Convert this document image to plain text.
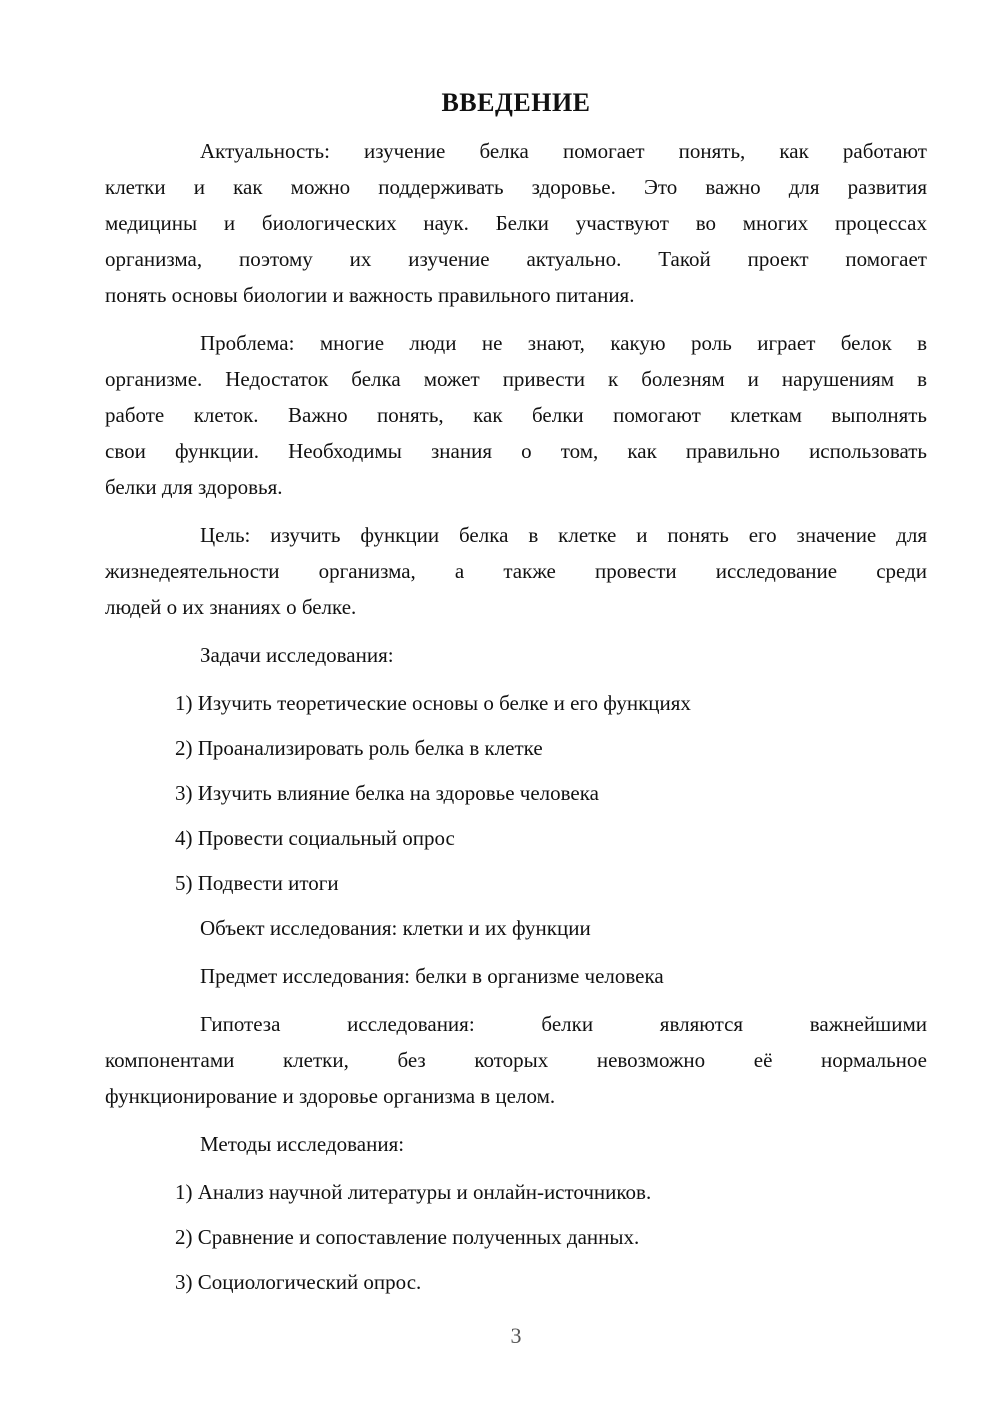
ВВЕДЕНИЕ
Актуальность: изучение белка помогает понять, как работают
клетки и как можно поддерживать здоровье. Это важно для развития
медицины и биологических наук. Белки участвуют во многих процессах
организма, поэтому их изучение актуально. Такой проект помогает
понять основы биологии и важность правильного питания.
Проблема: многие люди не знают, какую роль играет белок в
организме. Недостаток белка может привести к болезням и нарушениям в
работе клеток. Важно понять, как белки помогают клеткам выполнять
свои функции. Необходимы знания о том, как правильно использовать
белки для здоровья.
Цель: изучить функции белка в клетке и понять его значение для
жизнедеятельности организма, а также провести исследование среди
людей о их знаниях о белке.

Задачи исследования:

1) Изучить теоретические основы о белке и его функциях
2) Проанализировать роль белка в клетке
3) Изучить влияние белка на здоровье человека
4) Провести социальный опрос
5) Подвести итоги

Объект исследования: клетки и их функции

Предмет исследования: белки в организме человека

Гипотеза исследования: белки являются важнейшими
компонентами клетки, без которых невозможно её нормальное
функционирование и здоровье организма в целом.

Методы исследования:

1) Анализ научной литературы и онлайн-источников.
2) Сравнение и сопоставление полученных данных.
3) Социологический опрос.
3
